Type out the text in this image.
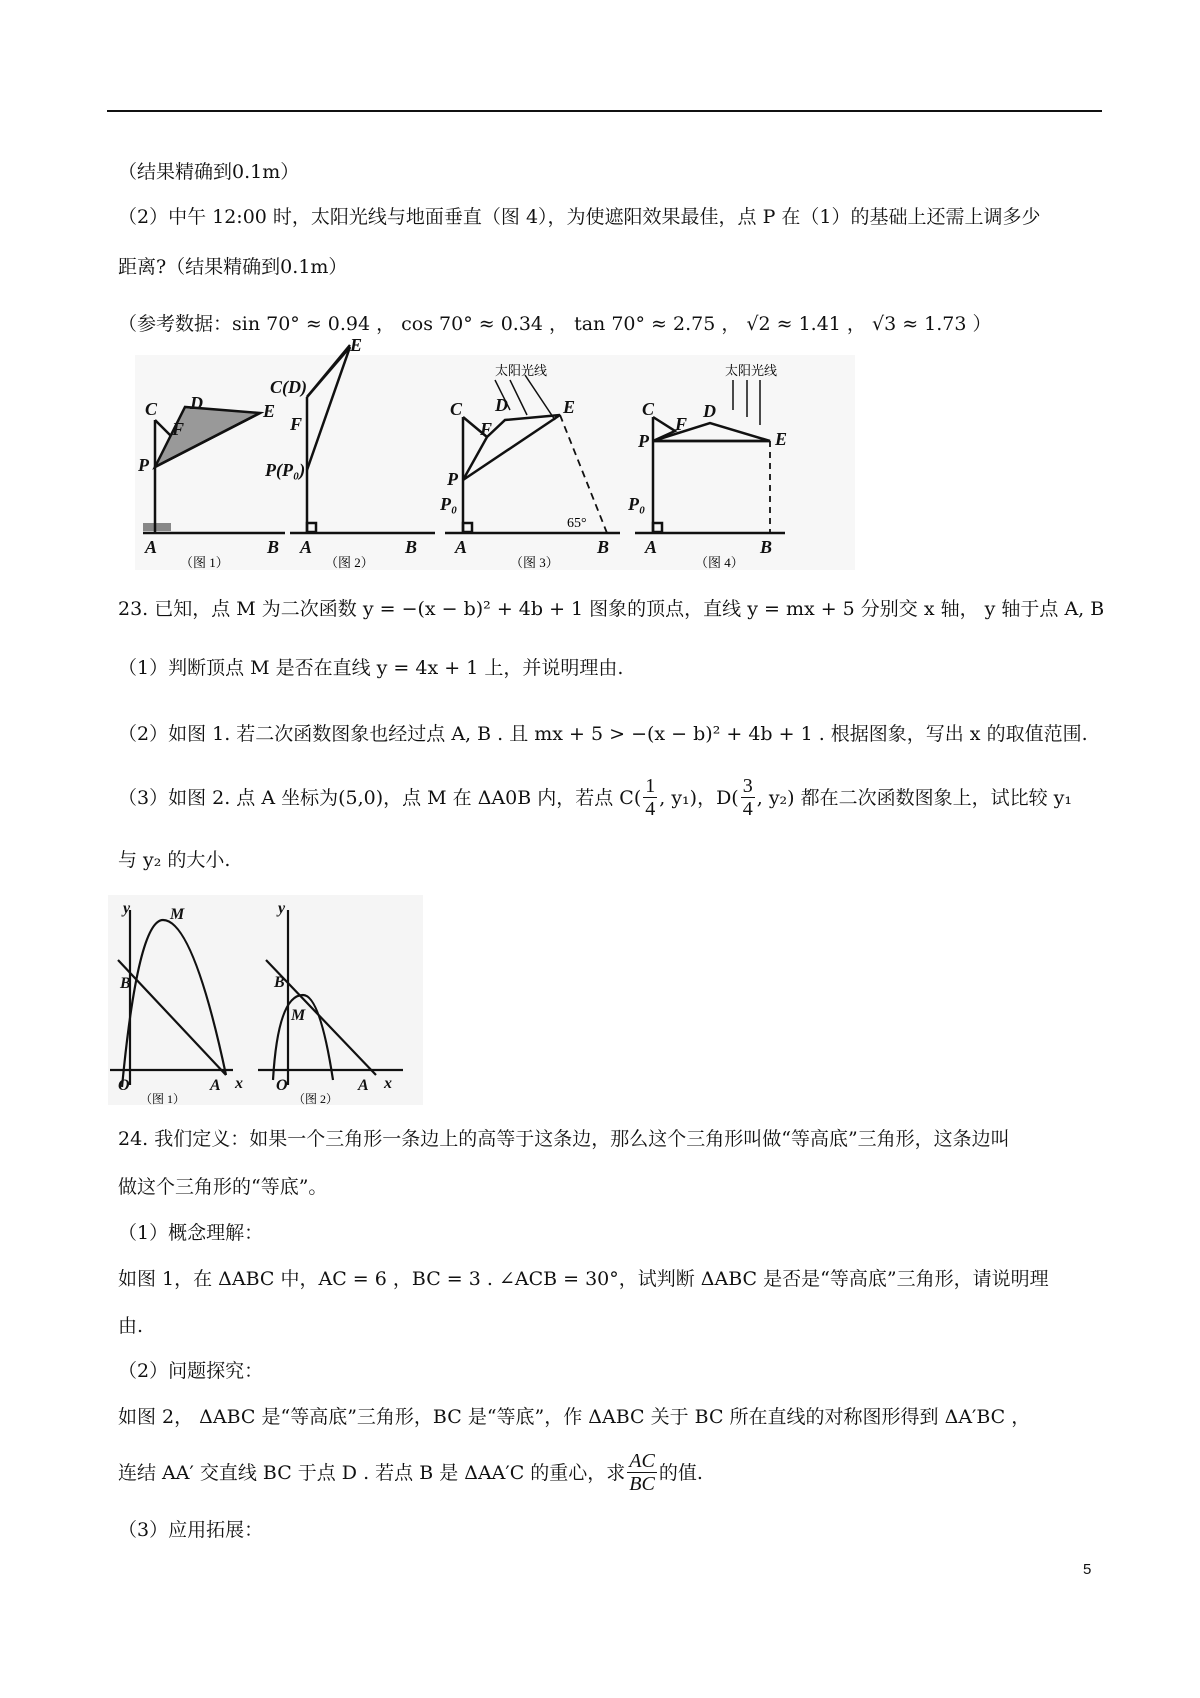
（结果精确到0.1m）
（2）中午 12:00 时，太阳光线与地面垂直（图 4），为使遮阳效果最佳，点 P 在（1）的基础上还需上调多少
距离?（结果精确到0.1m）
（参考数据：sin 70° ≈ 0.94 ， cos 70° ≈ 0.34 ， tan 70° ≈ 2.75 ， √2 ≈ 1.41 ， √3 ≈ 1.73 ）
C D	E
F
P
A	B
（图 1）
E
C(D)
F
P(P₀)
A	B
（图 2）
C D	E
F
P
P₀
A	B
太阳光线
65°
（图 3）
C	D
E
F
P
P₀
A	B
太阳光线
（图 4）
23. 已知，点 M 为二次函数 y = −(x − b)² + 4b + 1 图象的顶点，直线 y = mx + 5 分别交 x 轴， y 轴于点 A, B
（1）判断顶点 M 是否在直线 y = 4x + 1 上，并说明理由.
（2）如图 1. 若二次函数图象也经过点 A, B . 且 mx + 5 > −(x − b)² + 4b + 1 . 根据图象，写出 x 的取值范围.
（3）如图 2. 点 A 坐标为(5,0)，点 M 在 ΔA0B 内，若点 $C( \frac{1}{4}$ , y₁)，$D( \frac{3}{4}$ , y₂) 都在二次函数图象上，试比较 y₁
与 y₂ 的大小.
y M
B
O	A x
（图 1）
y
B
M
O	A x
（图 2）
24. 我们定义：如果一个三角形一条边上的高等于这条边，那么这个三角形叫做“等高底”三角形，这条边叫
做这个三角形的“等底”。
（1）概念理解：
如图 1，在 ΔABC 中，AC = 6 ，BC = 3 . ∠ACB = 30°，试判断 ΔABC 是否是“等高底”三角形，请说明理
由.
（2）问题探究：
如图 2， ΔABC 是“等高底”三角形，BC 是“等底”，作 ΔABC 关于 BC 所在直线的对称图形得到 ΔA′BC ，
连结 AA′ 交直线 BC 于点 D . 若点 B 是 ΔAA′C 的重心，求 $\frac{AC}{BC}$ 的值.
（3）应用拓展：
5
